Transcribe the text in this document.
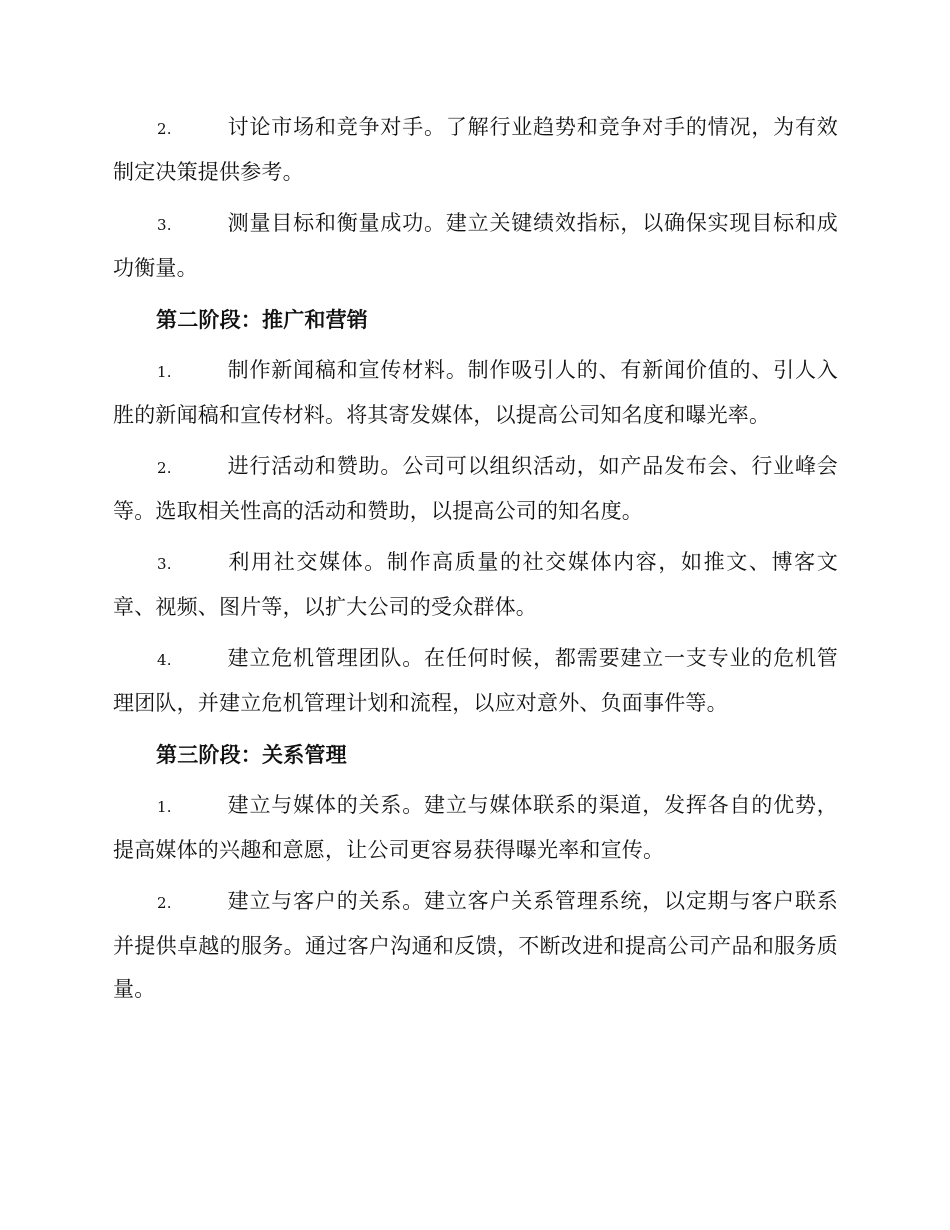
2.	讨论市场和竞争对手。了解行业趋势和竞争对手的情况，为有效制定决策提供参考。

3.	测量目标和衡量成功。建立关键绩效指标，以确保实现目标和成功衡量。

第二阶段：推广和营销

1.	制作新闻稿和宣传材料。制作吸引人的、有新闻价值的、引人入胜的新闻稿和宣传材料。将其寄发媒体，以提高公司知名度和曝光率。

2.	进行活动和赞助。公司可以组织活动，如产品发布会、行业峰会等。选取相关性高的活动和赞助，以提高公司的知名度。

3.	利用社交媒体。制作高质量的社交媒体内容，如推文、博客文章、视频、图片等，以扩大公司的受众群体。

4.	建立危机管理团队。在任何时候，都需要建立一支专业的危机管理团队，并建立危机管理计划和流程，以应对意外、负面事件等。

第三阶段：关系管理

1.	建立与媒体的关系。建立与媒体联系的渠道，发挥各自的优势，提高媒体的兴趣和意愿，让公司更容易获得曝光率和宣传。

2.	建立与客户的关系。建立客户关系管理系统，以定期与客户联系并提供卓越的服务。通过客户沟通和反馈，不断改进和提高公司产品和服务质量。
